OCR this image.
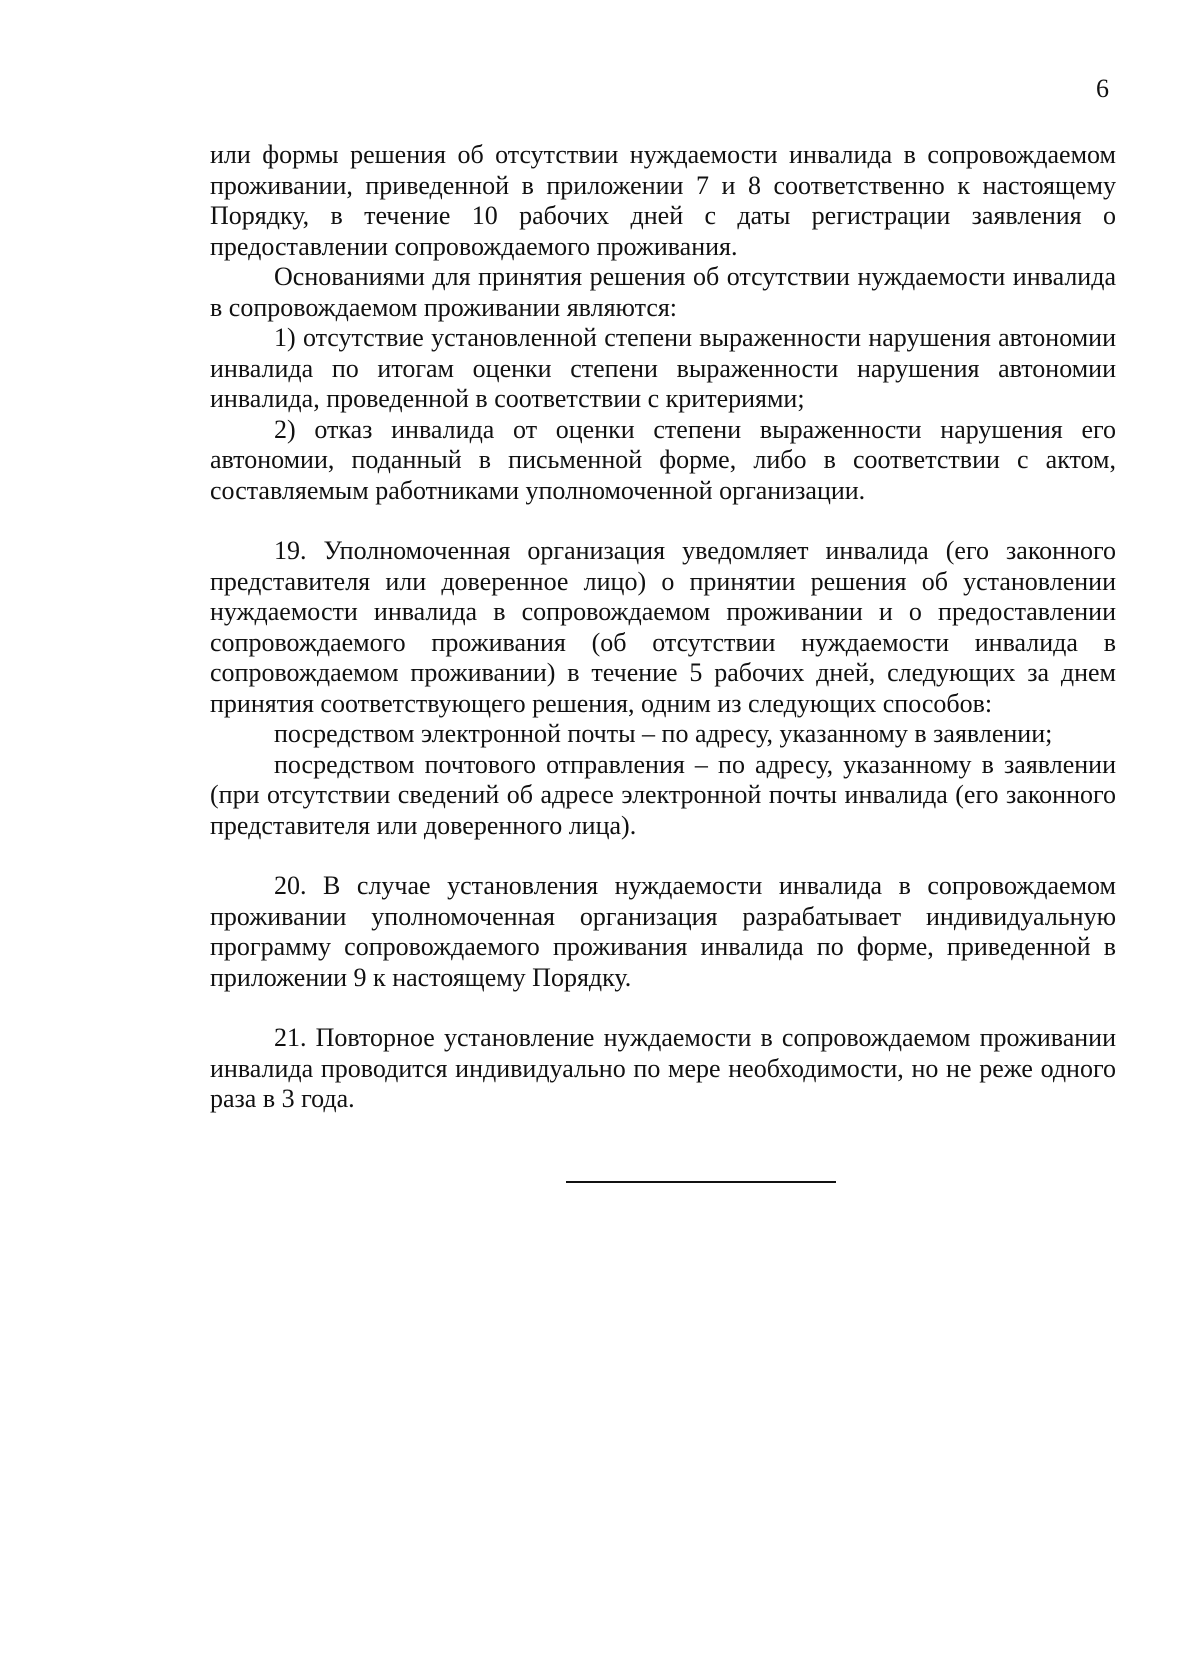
6

или формы решения об отсутствии нуждаемости инвалида в сопровождаемом проживании, приведенной в приложении 7 и 8 соответственно к настоящему Порядку, в течение 10 рабочих дней с даты регистрации заявления о предоставлении сопровождаемого проживания.

Основаниями для принятия решения об отсутствии нуждаемости инвалида в сопровождаемом проживании являются:

1) отсутствие установленной степени выраженности нарушения автономии инвалида по итогам оценки степени выраженности нарушения автономии инвалида, проведенной в соответствии с критериями;

2) отказ инвалида от оценки степени выраженности нарушения его автономии, поданный в письменной форме, либо в соответствии с актом, составляемым работниками уполномоченной организации.

19. Уполномоченная организация уведомляет инвалида (его законного представителя или доверенное лицо) о принятии решения об установлении нуждаемости инвалида в сопровождаемом проживании и о предоставлении сопровождаемого проживания (об отсутствии нуждаемости инвалида в сопровождаемом проживании) в течение 5 рабочих дней, следующих за днем принятия соответствующего решения, одним из следующих способов:

посредством электронной почты – по адресу, указанному в заявлении;

посредством почтового отправления – по адресу, указанному в заявлении (при отсутствии сведений об адресе электронной почты инвалида (его законного представителя или доверенного лица).

20. В случае установления нуждаемости инвалида в сопровождаемом проживании уполномоченная организация разрабатывает индивидуальную программу сопровождаемого проживания инвалида по форме, приведенной в приложении 9 к настоящему Порядку.

21. Повторное установление нуждаемости в сопровождаемом проживании инвалида проводится индивидуально по мере необходимости, но не реже одного раза в 3 года.
